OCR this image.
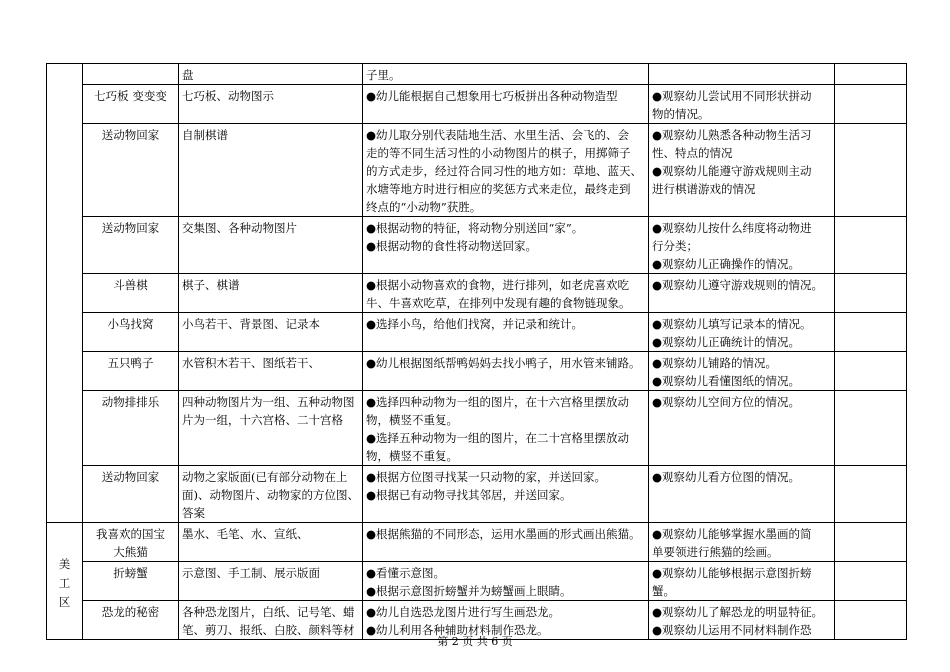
		盘	子里。		

	七巧板 变变变	七巧板、动物图示	●幼儿能根据自己想象用七巧板拼出各种动物造型	●观察幼儿尝试用不同形状拼动
物的情况。	

	送动物回家	自制棋谱	●幼儿取分别代表陆地生活、水里生活、会飞的、会
走的等不同生活习性的小动物图片的棋子，用掷筛子
的方式走步，经过符合同习性的地方如：草地、蓝天、
水塘等地方时进行相应的奖惩方式来走位，最终走到
终点的“小动物”获胜。	●观察幼儿熟悉各种动物生活习
性、特点的情况
●观察幼儿能遵守游戏规则主动
进行棋谱游戏的情况	

	送动物回家	交集图、各种动物图片	●根据动物的特征，将动物分别送回“家”。
●根据动物的食性将动物送回家。	●观察幼儿按什么纬度将动物进
行分类；
●观察幼儿正确操作的情况。	

	斗兽棋	棋子、棋谱	●根据小动物喜欢的食物，进行排列，如老虎喜欢吃
牛、牛喜欢吃草，在排列中发现有趣的食物链现象。	●观察幼儿遵守游戏规则的情况。	

	小鸟找窝	小鸟若干、背景图、记录本	●选择小鸟，给他们找窝，并记录和统计。	●观察幼儿填写记录本的情况。
●观察幼儿正确统计的情况。	

	五只鸭子	水管积木若干、图纸若干、	●幼儿根据图纸帮鸭妈妈去找小鸭子，用水管来铺路。	●观察幼儿铺路的情况。
●观察幼儿看懂图纸的情况。	

	动物排排乐	四种动物图片为一组、五种动物图
片为一组，十六宫格、二十宫格	●选择四种动物为一组的图片，在十六宫格里摆放动
物，横竖不重复。
●选择五种动物为一组的图片，在二十宫格里摆放动
物，横竖不重复。	●观察幼儿空间方位的情况。	

	送动物回家	动物之家版面(已有部分动物在上
面)、动物图片、动物家的方位图、
答案	●根据方位图寻找某一只动物的家，并送回家。
●根据已有动物寻找其邻居，并送回家。	●观察幼儿看方位图的情况。	

美
工
区	我喜欢的国宝
大熊猫	墨水、毛笔、水、宣纸、	●根据熊猫的不同形态，运用水墨画的形式画出熊猫。	●观察幼儿能够掌握水墨画的简
单要领进行熊猫的绘画。	

	折螃蟹	示意图、手工制、展示版面	●看懂示意图。
●根据示意图折螃蟹并为螃蟹画上眼睛。	●观察幼儿能够根据示意图折螃
蟹。	

	恐龙的秘密	各种恐龙图片，白纸、记号笔、蜡
笔、剪刀、报纸、白胶、颜料等材	●幼儿自选恐龙图片进行写生画恐龙。
●幼儿利用各种辅助材料制作恐龙。	●观察幼儿了解恐龙的明显特征。
●观察幼儿运用不同材料制作恐	

第 2 页 共 6 页
